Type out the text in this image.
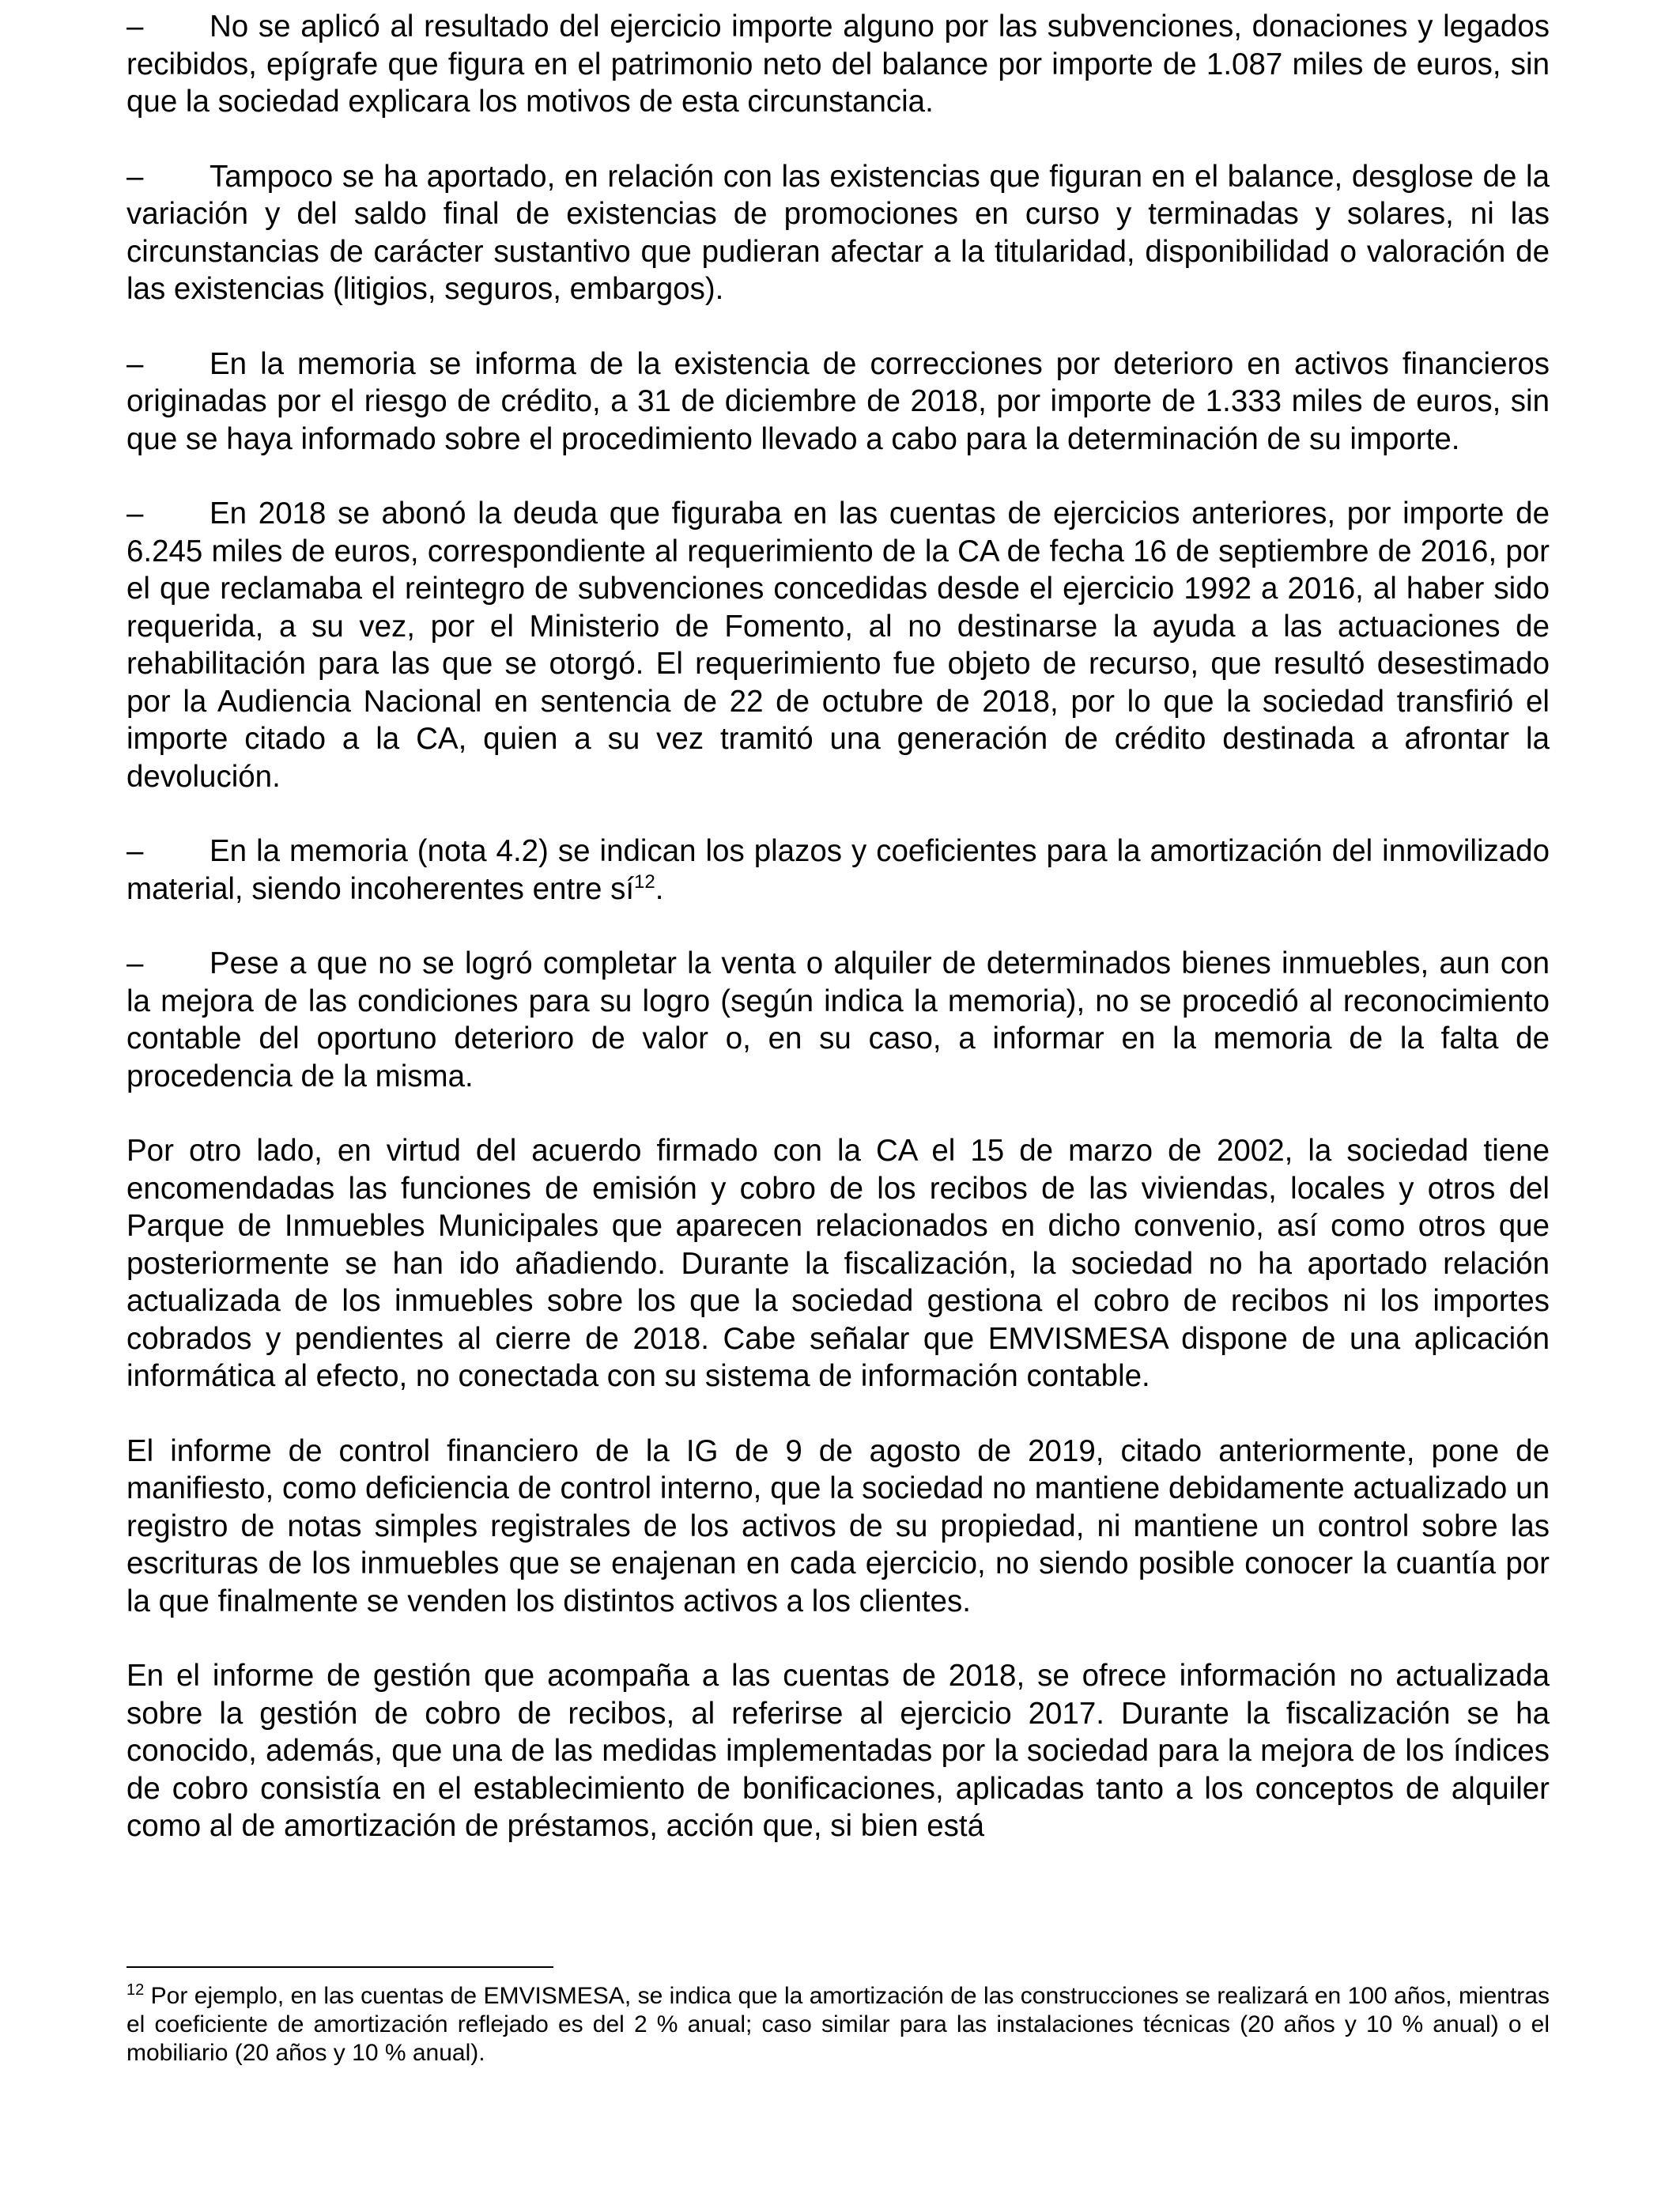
– No se aplicó al resultado del ejercicio importe alguno por las subvenciones, donaciones y legados recibidos, epígrafe que figura en el patrimonio neto del balance por importe de 1.087 miles de euros, sin que la sociedad explicara los motivos de esta circunstancia.

– Tampoco se ha aportado, en relación con las existencias que figuran en el balance, desglose de la variación y del saldo final de existencias de promociones en curso y terminadas y solares, ni las circunstancias de carácter sustantivo que pudieran afectar a la titularidad, disponibilidad o valoración de las existencias (litigios, seguros, embargos).

– En la memoria se informa de la existencia de correcciones por deterioro en activos financieros originadas por el riesgo de crédito, a 31 de diciembre de 2018, por importe de 1.333 miles de euros, sin que se haya informado sobre el procedimiento llevado a cabo para la determinación de su importe.

– En 2018 se abonó la deuda que figuraba en las cuentas de ejercicios anteriores, por importe de 6.245 miles de euros, correspondiente al requerimiento de la CA de fecha 16 de septiembre de 2016, por el que reclamaba el reintegro de subvenciones concedidas desde el ejercicio 1992 a 2016, al haber sido requerida, a su vez, por el Ministerio de Fomento, al no destinarse la ayuda a las actuaciones de rehabilitación para las que se otorgó. El requerimiento fue objeto de recurso, que resultó desestimado por la Audiencia Nacional en sentencia de 22 de octubre de 2018, por lo que la sociedad transfirió el importe citado a la CA, quien a su vez tramitó una generación de crédito destinada a afrontar la devolución.

– En la memoria (nota 4.2) se indican los plazos y coeficientes para la amortización del inmovilizado material, siendo incoherentes entre $sí^{12}$.

– Pese a que no se logró completar la venta o alquiler de determinados bienes inmuebles, aun con la mejora de las condiciones para su logro (según indica la memoria), no se procedió al reconocimiento contable del oportuno deterioro de valor o, en su caso, a informar en la memoria de la falta de procedencia de la misma.

Por otro lado, en virtud del acuerdo firmado con la CA el 15 de marzo de 2002, la sociedad tiene encomendadas las funciones de emisión y cobro de los recibos de las viviendas, locales y otros del Parque de Inmuebles Municipales que aparecen relacionados en dicho convenio, así como otros que posteriormente se han ido añadiendo. Durante la fiscalización, la sociedad no ha aportado relación actualizada de los inmuebles sobre los que la sociedad gestiona el cobro de recibos ni los importes cobrados y pendientes al cierre de 2018. Cabe señalar que EMVISMESA dispone de una aplicación informática al efecto, no conectada con su sistema de información contable.

El informe de control financiero de la IG de 9 de agosto de 2019, citado anteriormente, pone de manifiesto, como deficiencia de control interno, que la sociedad no mantiene debidamente actualizado un registro de notas simples registrales de los activos de su propiedad, ni mantiene un control sobre las escrituras de los inmuebles que se enajenan en cada ejercicio, no siendo posible conocer la cuantía por la que finalmente se venden los distintos activos a los clientes.

En el informe de gestión que acompaña a las cuentas de 2018, se ofrece información no actualizada sobre la gestión de cobro de recibos, al referirse al ejercicio 2017. Durante la fiscalización se ha conocido, además, que una de las medidas implementadas por la sociedad para la mejora de los índices de cobro consistía en el establecimiento de bonificaciones, aplicadas tanto a los conceptos de alquiler como al de amortización de préstamos, acción que, si bien está

$^{12}$ Por ejemplo, en las cuentas de EMVISMESA, se indica que la amortización de las construcciones se realizará en 100 años, mientras el coeficiente de amortización reflejado es del 2 % anual; caso similar para las instalaciones técnicas (20 años y 10 % anual) o el mobiliario (20 años y 10 % anual).
